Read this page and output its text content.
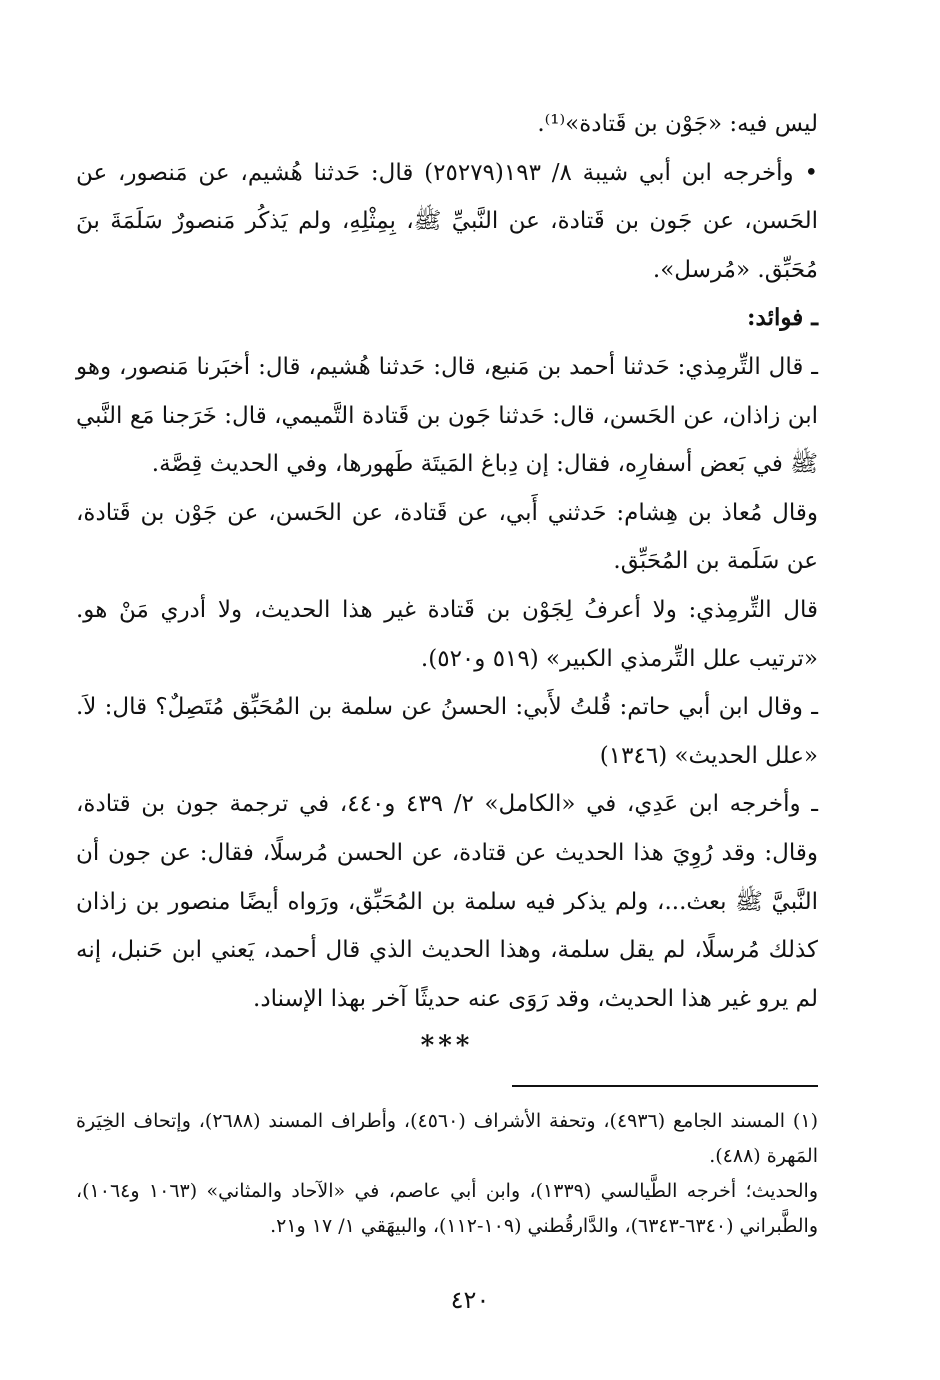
ليس فيه: «جَوْن بن قَتادة»⁽¹⁾.

• وأخرجه ابن أبي شيبة ٨/ ١٩٣(٢٥٢٧٩) قال: حَدثنا هُشيم، عن مَنصور، عن الحَسن، عن جَون بن قَتادة، عن النَّبيِّ ﷺ، بِمِثْلِهِ، ولم يَذكُر مَنصورٌ سَلَمَةَ بنَ مُحَبِّق. «مُرسل».

ـ فوائد:

ـ قال التِّرمِذي: حَدثنا أحمد بن مَنيع، قال: حَدثنا هُشيم، قال: أخبَرنا مَنصور، وهو ابن زاذان، عن الحَسن، قال: حَدثنا جَون بن قَتادة التَّميمي، قال: خَرَجنا مَع النَّبي ﷺ في بَعض أسفارِه، فقال: إن دِباغ المَيتَة طَهورها، وفي الحديث قِصَّة.

وقال مُعاذ بن هِشام: حَدثني أَبي، عن قَتادة، عن الحَسن، عن جَوْن بن قَتادة، عن سَلَمة بن المُحَبِّق.

قال التِّرمِذي: ولا أعرفُ لِجَوْن بن قَتادة غير هذا الحديث، ولا أدري مَنْ هو. «ترتيب علل التِّرمذي الكبير» (٥١٩ و٥٢٠).

ـ وقال ابن أبي حاتم: قُلتُ لأَبي: الحسنُ عن سلمة بن المُحَبِّق مُتَصِلٌ؟ قال: لاَ. «علل الحديث» (١٣٤٦)

ـ وأخرجه ابن عَدِي، في «الكامل» ٢/ ٤٣٩ و٤٤٠، في ترجمة جون بن قتادة، وقال: وقد رُوِيَ هذا الحديث عن قتادة، عن الحسن مُرسلًا، فقال: عن جون أن النَّبيَّ ﷺ بعث...، ولم يذكر فيه سلمة بن المُحَبِّق، ورَواه أيضًا منصور بن زاذان كذلك مُرسلًا، لم يقل سلمة، وهذا الحديث الذي قال أحمد، يَعني ابن حَنبل، إنه لم يرو غير هذا الحديث، وقد رَوَى عنه حديثًا آخر بهذا الإسناد.

***

(١) المسند الجامع (٤٩٣٦)، وتحفة الأشراف (٤٥٦٠)، وأطراف المسند (٢٦٨٨)، وإتحاف الخِيَرة المَهرة (٤٨٨).

والحديث؛ أخرجه الطَّيالسي (١٣٣٩)، وابن أبي عاصم، في «الآحاد والمثاني» (١٠٦٣ و١٠٦٤)، والطَّبراني (٦٣٤٠-٦٣٤٣)، والدَّارقُطني (١٠٩-١١٢)، والبيهَقي ١/ ١٧ و٢١.

٤٢٠
